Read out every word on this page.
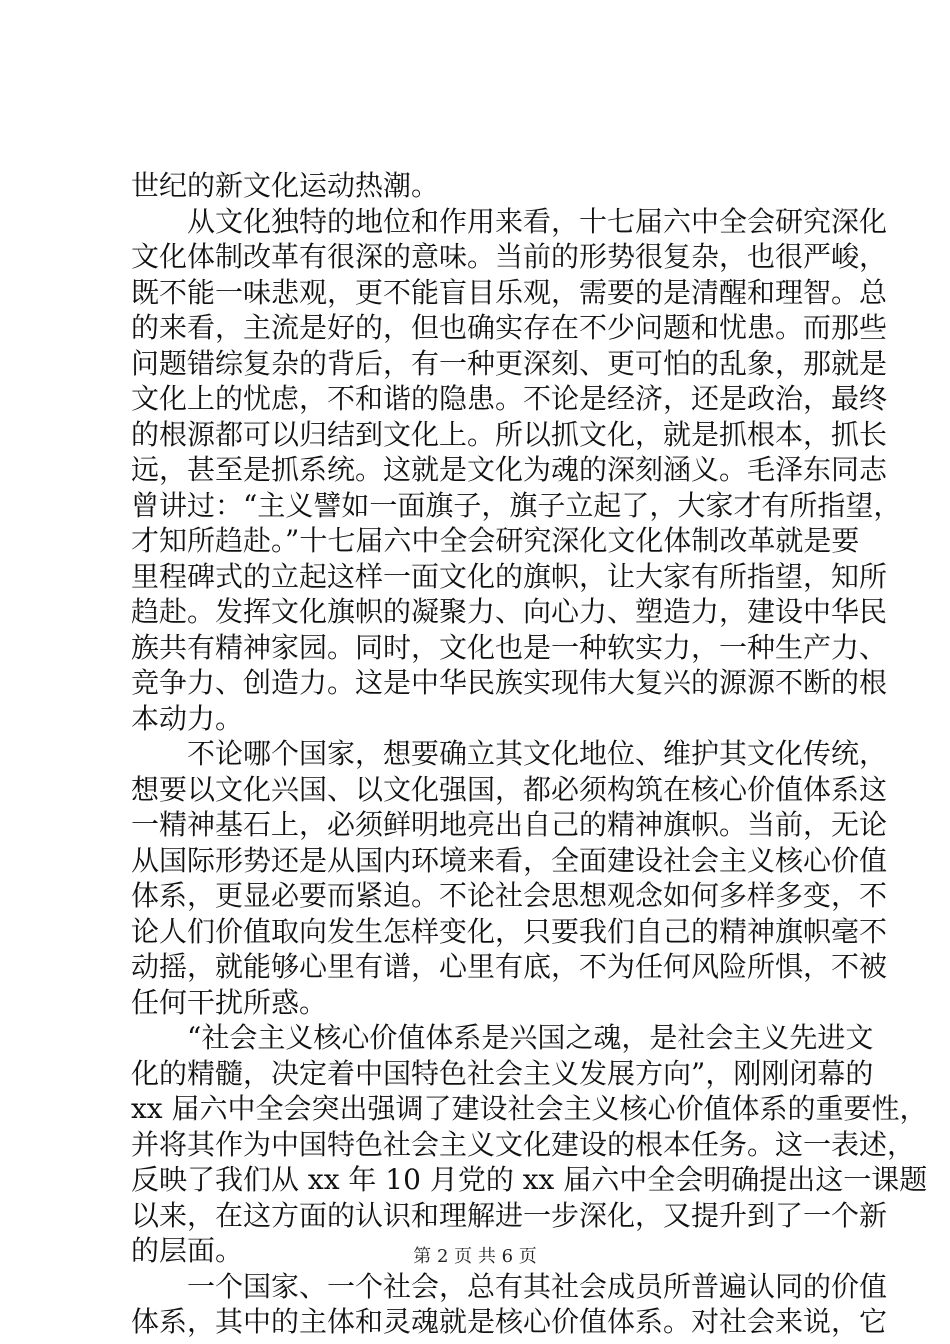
世纪的新文化运动热潮。
从文化独特的地位和作用来看，十七届六中全会研究深化
文化体制改革有很深的意味。当前的形势很复杂，也很严峻，
既不能一味悲观，更不能盲目乐观，需要的是清醒和理智。总
的来看，主流是好的，但也确实存在不少问题和忧患。而那些
问题错综复杂的背后，有一种更深刻、更可怕的乱象，那就是
文化上的忧虑，不和谐的隐患。不论是经济，还是政治，最终
的根源都可以归结到文化上。所以抓文化，就是抓根本，抓长
远，甚至是抓系统。这就是文化为魂的深刻涵义。毛泽东同志
曾讲过：“主义譬如一面旗子，旗子立起了，大家才有所指望，
才知所趋赴。”十七届六中全会研究深化文化体制改革就是要
里程碑式的立起这样一面文化的旗帜，让大家有所指望，知所
趋赴。发挥文化旗帜的凝聚力、向心力、塑造力，建设中华民
族共有精神家园。同时，文化也是一种软实力，一种生产力、
竞争力、创造力。这是中华民族实现伟大复兴的源源不断的根
本动力。
不论哪个国家，想要确立其文化地位、维护其文化传统，
想要以文化兴国、以文化强国，都必须构筑在核心价值体系这
一精神基石上，必须鲜明地亮出自己的精神旗帜。当前，无论
从国际形势还是从国内环境来看，全面建设社会主义核心价值
体系，更显必要而紧迫。不论社会思想观念如何多样多变，不
论人们价值取向发生怎样变化，只要我们自己的精神旗帜毫不
动摇，就能够心里有谱，心里有底，不为任何风险所惧，不被
任何干扰所惑。
“社会主义核心价值体系是兴国之魂，是社会主义先进文
化的精髓，决定着中国特色社会主义发展方向”，刚刚闭幕的
xx 届六中全会突出强调了建设社会主义核心价值体系的重要性，
并将其作为中国特色社会主义文化建设的根本任务。这一表述，
反映了我们从 xx 年 10 月党的 xx 届六中全会明确提出这一课题
以来，在这方面的认识和理解进一步深化，又提升到了一个新
的层面。
一个国家、一个社会，总有其社会成员所普遍认同的价值
体系，其中的主体和灵魂就是核心价值体系。对社会来说，它
第 2 页 共 6 页
